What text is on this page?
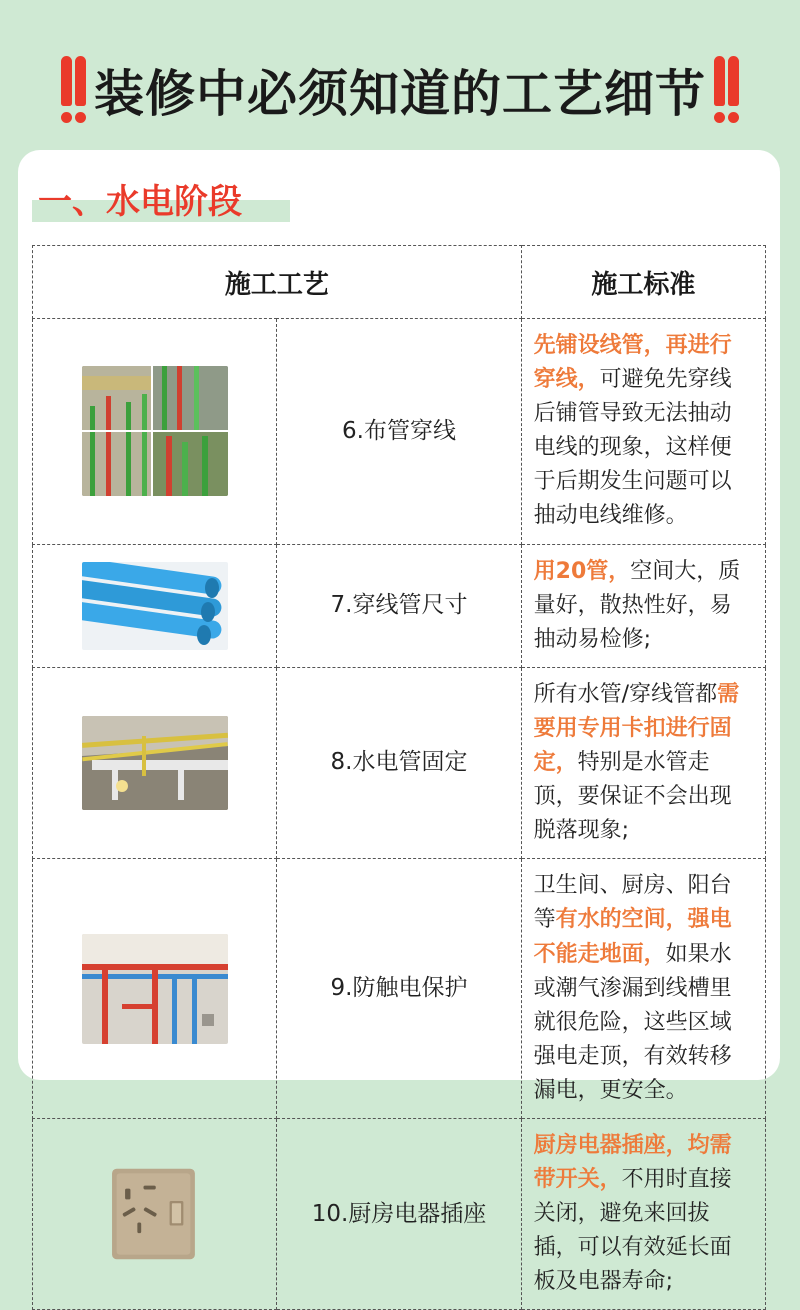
装修中必须知道的工艺细节
一、水电阶段
施工工艺		施工标准

	6.布管穿线	先铺设线管，再进行穿线，可避免先穿线后铺管导致无法抽动电线的现象，这样便于后期发生问题可以抽动电线维修。

	7.穿线管尺寸	用20管，空间大，质量好，散热性好，易抽动易检修;

	8.水电管固定	所有水管/穿线管都需要用专用卡扣进行固定，特别是水管走顶，要保证不会出现脱落现象;

	9.防触电保护	卫生间、厨房、阳台等有水的空间，强电不能走地面，如果水或潮气渗漏到线槽里就很危险，这些区域强电走顶，有效转移漏电，更安全。

	10.厨房电器插座	厨房电器插座，均需带开关，不用时直接关闭，避免来回拔插，可以有效延长面板及电器寿命;
